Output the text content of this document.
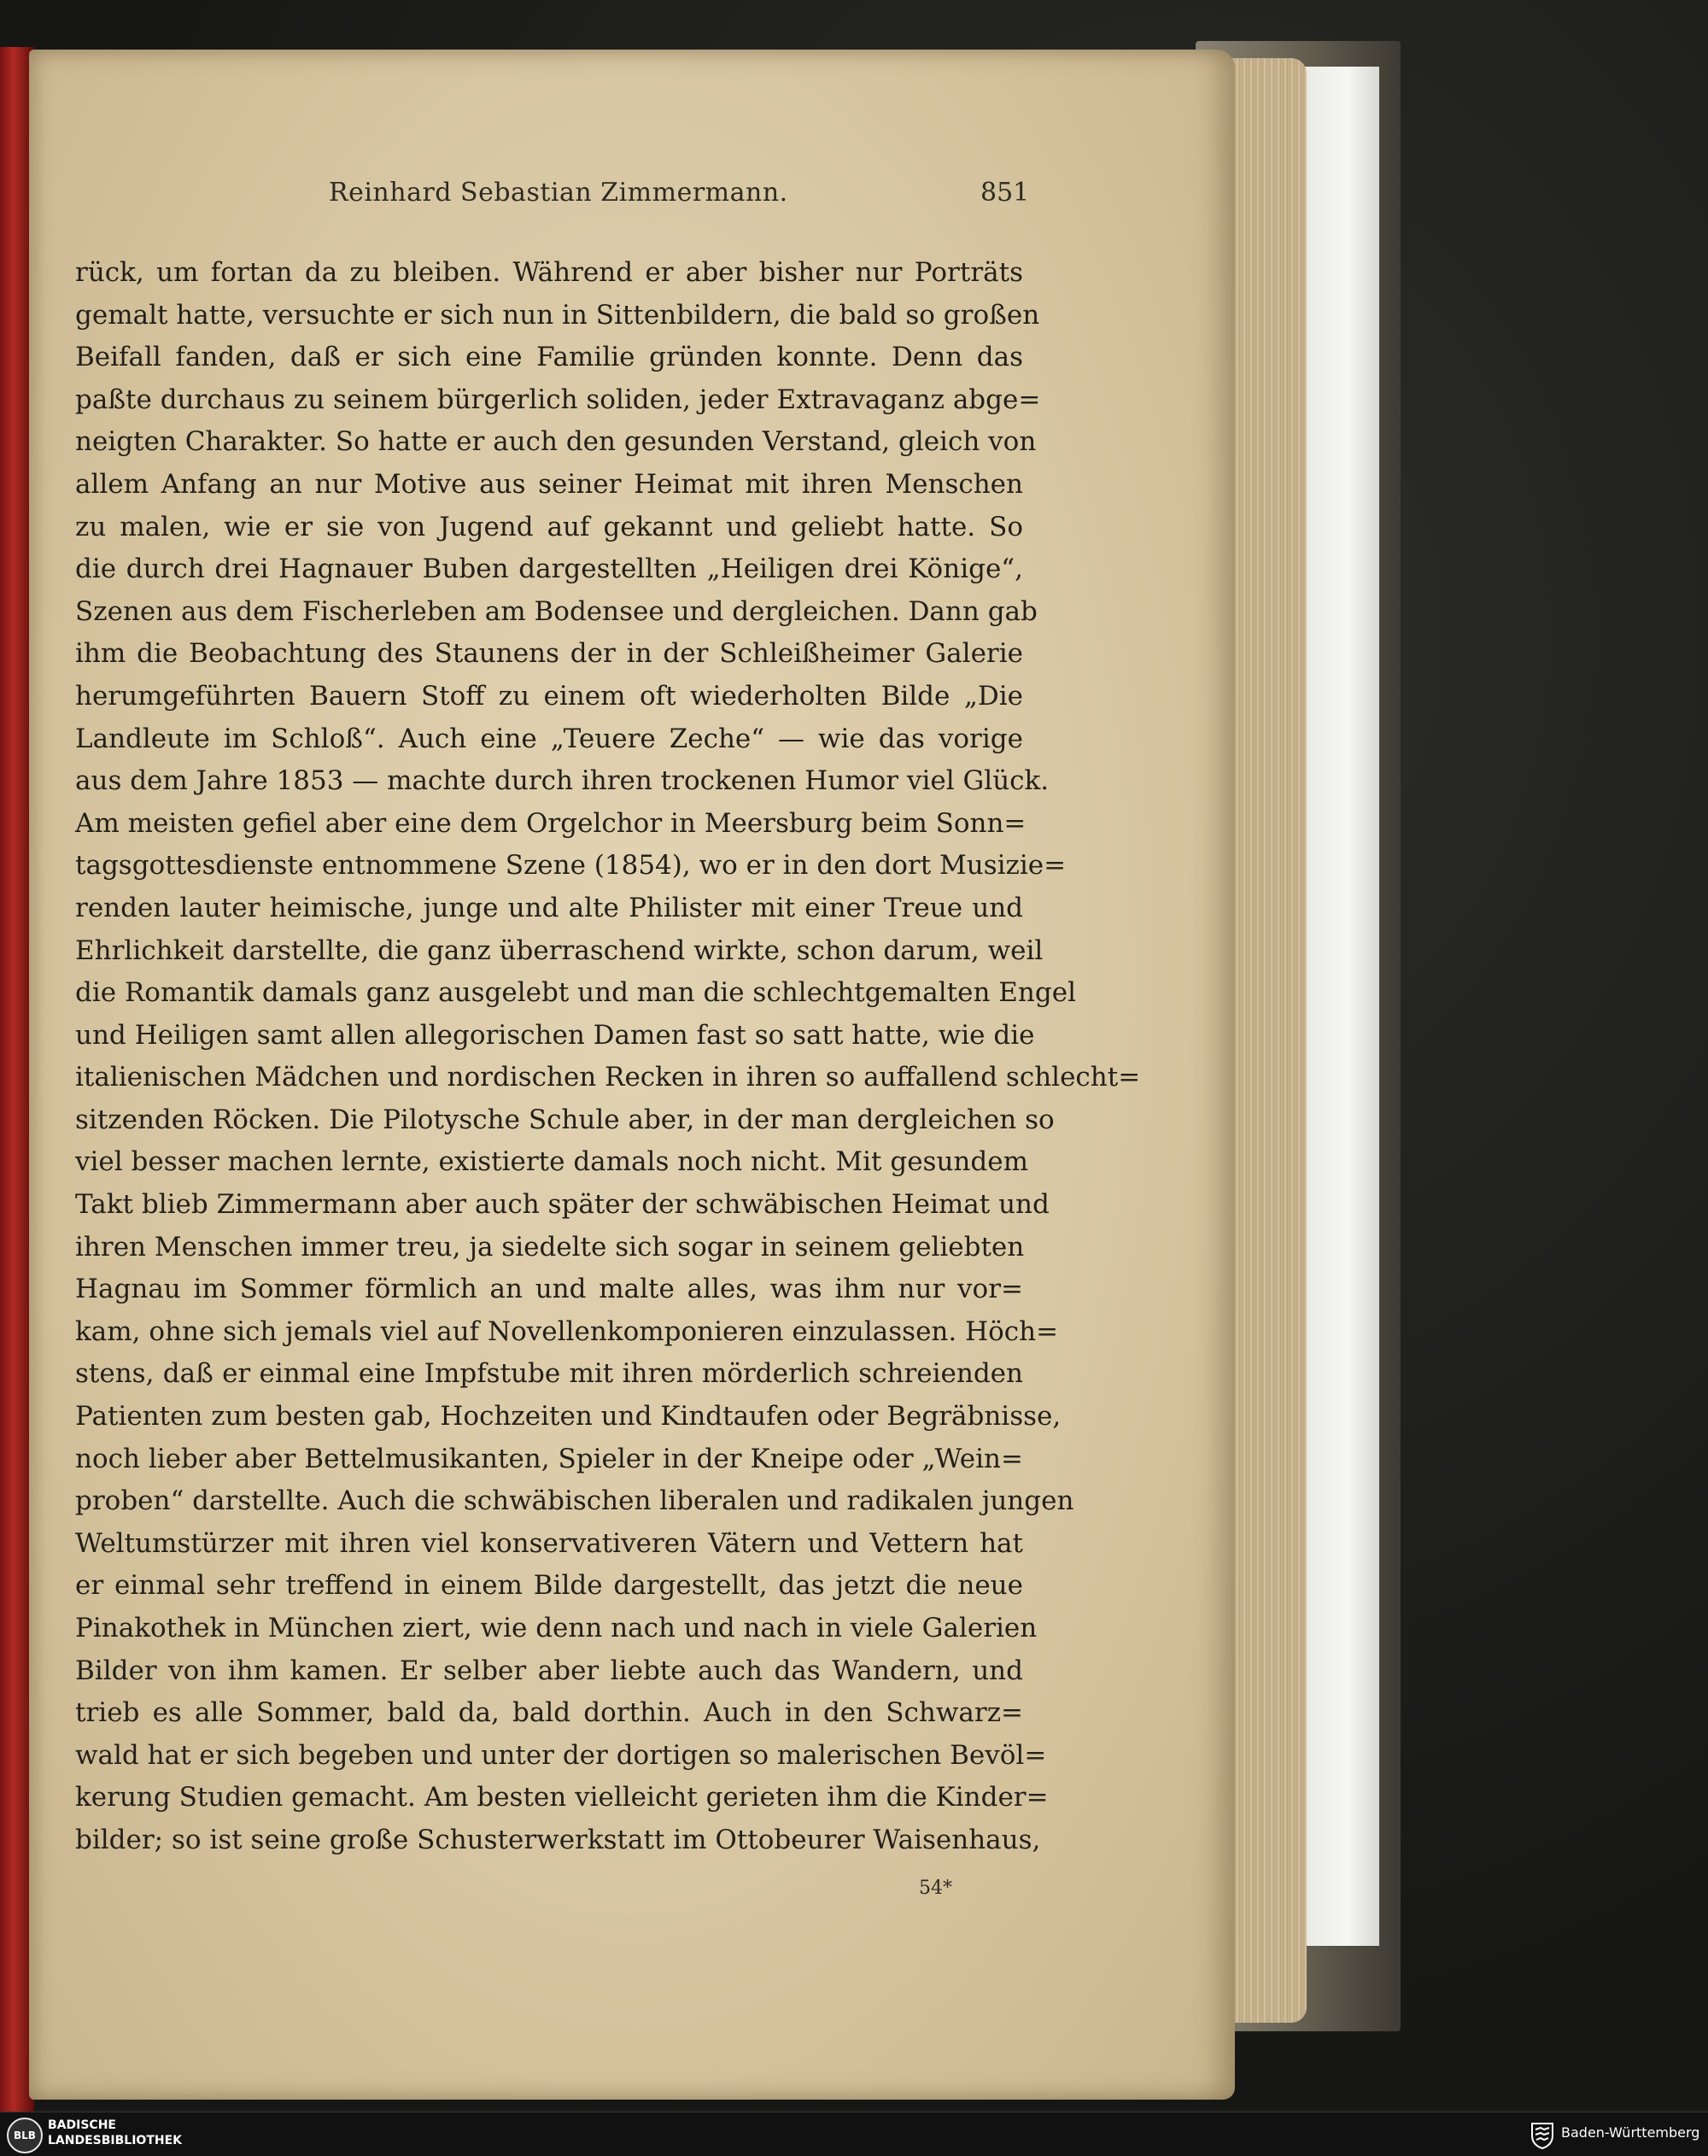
Reinhard Sebastian Zimmermann.	851
rück, um fortan da zu bleiben. Während er aber bisher nur Porträts
gemalt hatte, versuchte er sich nun in Sittenbildern, die bald so großen
Beifall fanden, daß er sich eine Familie gründen konnte. Denn das
paßte durchaus zu seinem bürgerlich soliden, jeder Extravaganz abge=
neigten Charakter. So hatte er auch den gesunden Verstand, gleich von
allem Anfang an nur Motive aus seiner Heimat mit ihren Menschen
zu malen, wie er sie von Jugend auf gekannt und geliebt hatte. So
die durch drei Hagnauer Buben dargestellten „Heiligen drei Könige“,
Szenen aus dem Fischerleben am Bodensee und dergleichen. Dann gab
ihm die Beobachtung des Staunens der in der Schleißheimer Galerie
herumgeführten Bauern Stoff zu einem oft wiederholten Bilde „Die
Landleute im Schloß“. Auch eine „Teuere Zeche“ — wie das vorige
aus dem Jahre 1853 — machte durch ihren trockenen Humor viel Glück.
Am meisten gefiel aber eine dem Orgelchor in Meersburg beim Sonn=
tagsgottesdienste entnommene Szene (1854), wo er in den dort Musizie=
renden lauter heimische, junge und alte Philister mit einer Treue und
Ehrlichkeit darstellte, die ganz überraschend wirkte, schon darum, weil
die Romantik damals ganz ausgelebt und man die schlechtgemalten Engel
und Heiligen samt allen allegorischen Damen fast so satt hatte, wie die
italienischen Mädchen und nordischen Recken in ihren so auffallend schlecht=
sitzenden Röcken. Die Pilotysche Schule aber, in der man dergleichen so
viel besser machen lernte, existierte damals noch nicht. Mit gesundem
Takt blieb Zimmermann aber auch später der schwäbischen Heimat und
ihren Menschen immer treu, ja siedelte sich sogar in seinem geliebten
Hagnau im Sommer förmlich an und malte alles, was ihm nur vor=
kam, ohne sich jemals viel auf Novellenkomponieren einzulassen. Höch=
stens, daß er einmal eine Impfstube mit ihren mörderlich schreienden
Patienten zum besten gab, Hochzeiten und Kindtaufen oder Begräbnisse,
noch lieber aber Bettelmusikanten, Spieler in der Kneipe oder „Wein=
proben“ darstellte. Auch die schwäbischen liberalen und radikalen jungen
Weltumstürzer mit ihren viel konservativeren Vätern und Vettern hat
er einmal sehr treffend in einem Bilde dargestellt, das jetzt die neue
Pinakothek in München ziert, wie denn nach und nach in viele Galerien
Bilder von ihm kamen. Er selber aber liebte auch das Wandern, und
trieb es alle Sommer, bald da, bald dorthin. Auch in den Schwarz=
wald hat er sich begeben und unter der dortigen so malerischen Bevöl=
kerung Studien gemacht. Am besten vielleicht gerieten ihm die Kinder=
bilder; so ist seine große Schusterwerkstatt im Ottobeurer Waisenhaus,
54*
BLB
BADISCHE
LANDESBIBLIOTHEK	Baden-Württemberg
